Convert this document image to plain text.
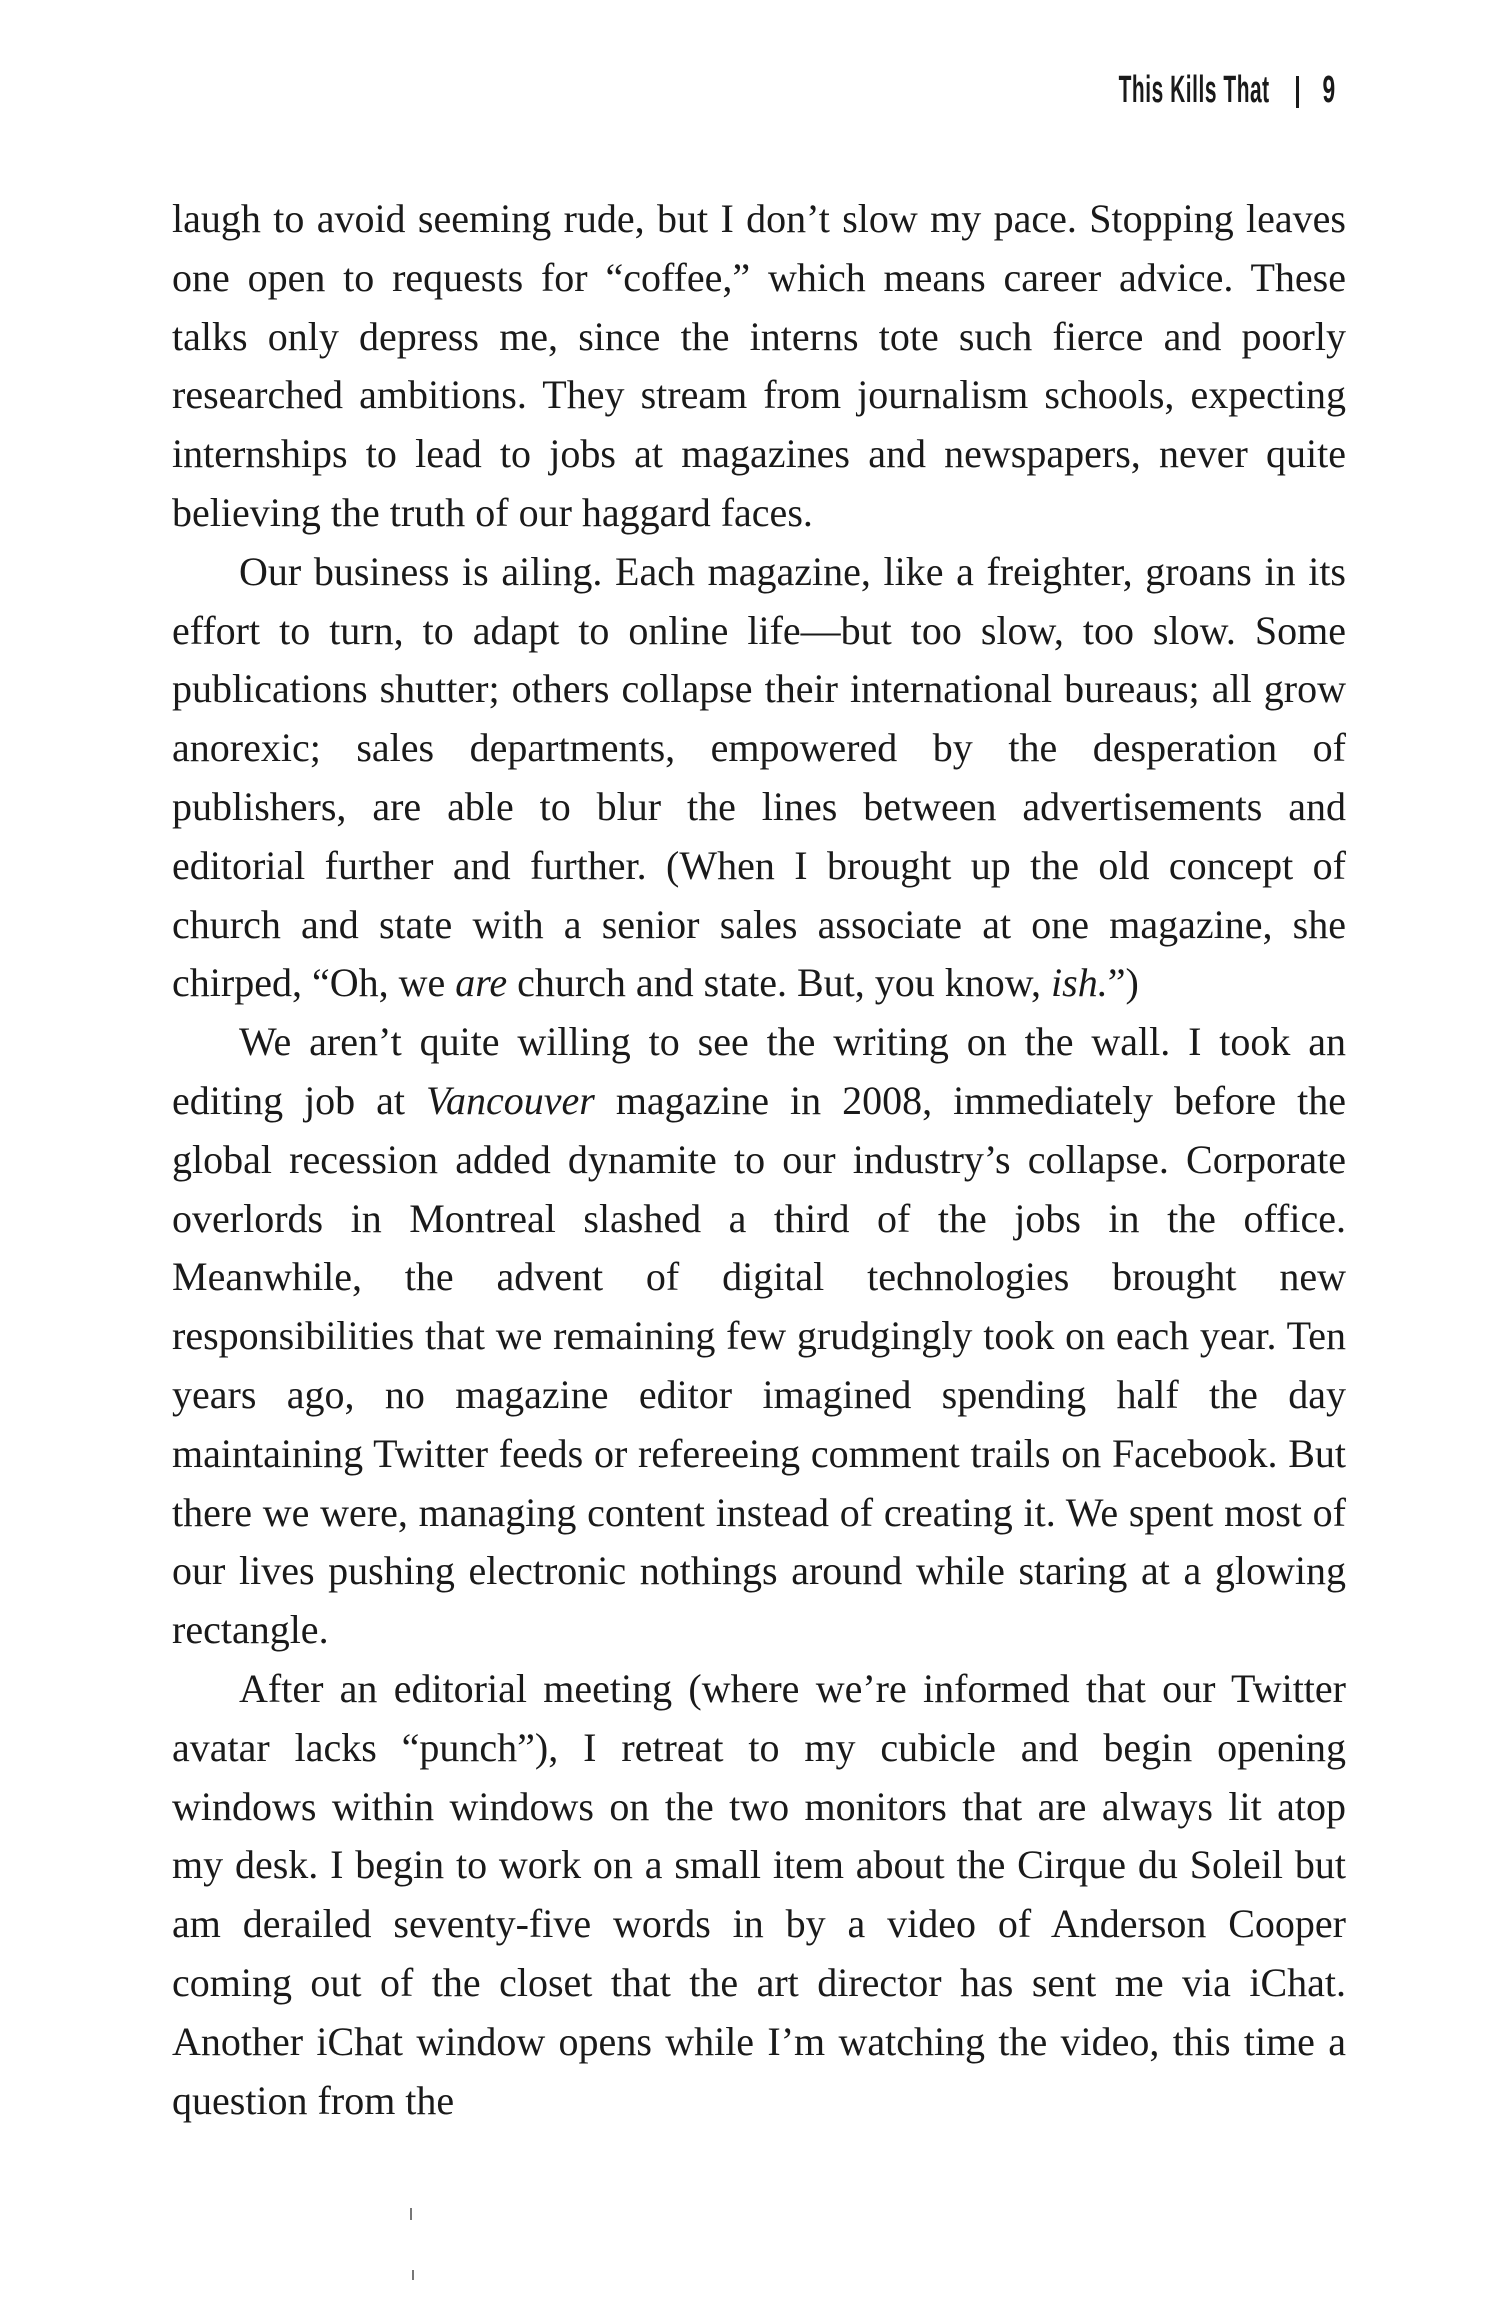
This Kills That 9

laugh to avoid seeming rude, but I don’t slow my pace. Stopping leaves one open to requests for “coffee,” which means career advice. These talks only depress me, since the interns tote such fierce and poorly researched ambitions. They stream from journalism schools, expecting internships to lead to jobs at magazines and newspapers, never quite believing the truth of our haggard faces.

Our business is ailing. Each magazine, like a freighter, groans in its effort to turn, to adapt to online life—but too slow, too slow. Some publications shutter; others collapse their international bureaus; all grow anorexic; sales departments, empowered by the desperation of publishers, are able to blur the lines between advertisements and editorial further and further. (When I brought up the old concept of church and state with a senior sales associate at one magazine, she chirped, “Oh, we are church and state. But, you know, ish.”)

We aren’t quite willing to see the writing on the wall. I took an editing job at Vancouver magazine in 2008, immediately before the global recession added dynamite to our industry’s collapse. Corporate overlords in Montreal slashed a third of the jobs in the office. Meanwhile, the advent of digital technologies brought new responsibilities that we remaining few grudgingly took on each year. Ten years ago, no magazine editor imagined spending half the day maintaining Twitter feeds or refereeing comment trails on Facebook. But there we were, managing content instead of creating it. We spent most of our lives pushing electronic nothings around while staring at a glowing rectangle.

After an editorial meeting (where we’re informed that our Twitter avatar lacks “punch”), I retreat to my cubicle and begin opening windows within windows on the two monitors that are always lit atop my desk. I begin to work on a small item about the Cirque du Soleil but am derailed seventy-five words in by a video of Anderson Cooper coming out of the closet that the art director has sent me via iChat. Another iChat window opens while I’m watching the video, this time a question from the
